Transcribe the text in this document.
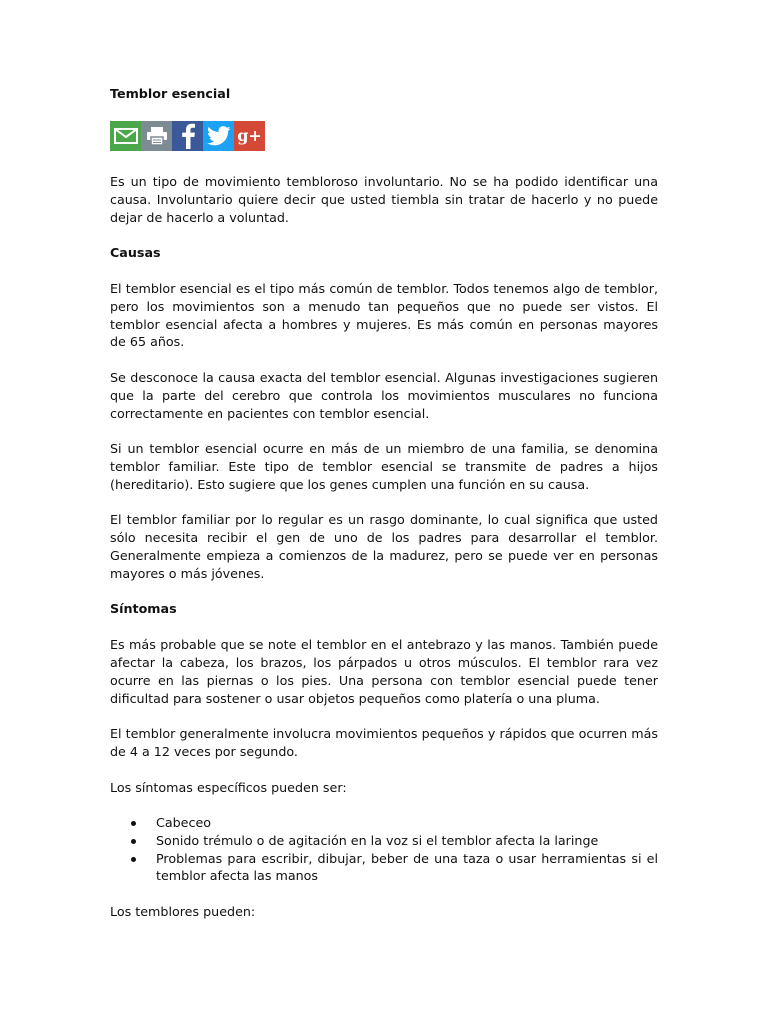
Temblor esencial

g+

Es un tipo de movimiento tembloroso involuntario. No se ha podido identificar una causa. Involuntario quiere decir que usted tiembla sin tratar de hacerlo y no puede dejar de hacerlo a voluntad.

Causas

El temblor esencial es el tipo más común de temblor. Todos tenemos algo de temblor, pero los movimientos son a menudo tan pequeños que no puede ser vistos. El temblor esencial afecta a hombres y mujeres. Es más común en personas mayores de 65 años.

Se desconoce la causa exacta del temblor esencial. Algunas investigaciones sugieren que la parte del cerebro que controla los movimientos musculares no funciona correctamente en pacientes con temblor esencial.

Si un temblor esencial ocurre en más de un miembro de una familia, se denomina temblor familiar. Este tipo de temblor esencial se transmite de padres a hijos (hereditario). Esto sugiere que los genes cumplen una función en su causa.

El temblor familiar por lo regular es un rasgo dominante, lo cual significa que usted sólo necesita recibir el gen de uno de los padres para desarrollar el temblor. Generalmente empieza a comienzos de la madurez, pero se puede ver en personas mayores o más jóvenes.

Síntomas

Es más probable que se note el temblor en el antebrazo y las manos. También puede afectar la cabeza, los brazos, los párpados u otros músculos. El temblor rara vez ocurre en las piernas o los pies. Una persona con temblor esencial puede tener dificultad para sostener o usar objetos pequeños como platería o una pluma.

El temblor generalmente involucra movimientos pequeños y rápidos que ocurren más de 4 a 12 veces por segundo.

Los síntomas específicos pueden ser:

Cabeceo
Sonido trémulo o de agitación en la voz si el temblor afecta la laringe
Problemas para escribir, dibujar, beber de una taza o usar herramientas si el temblor afecta las manos

Los temblores pueden:
